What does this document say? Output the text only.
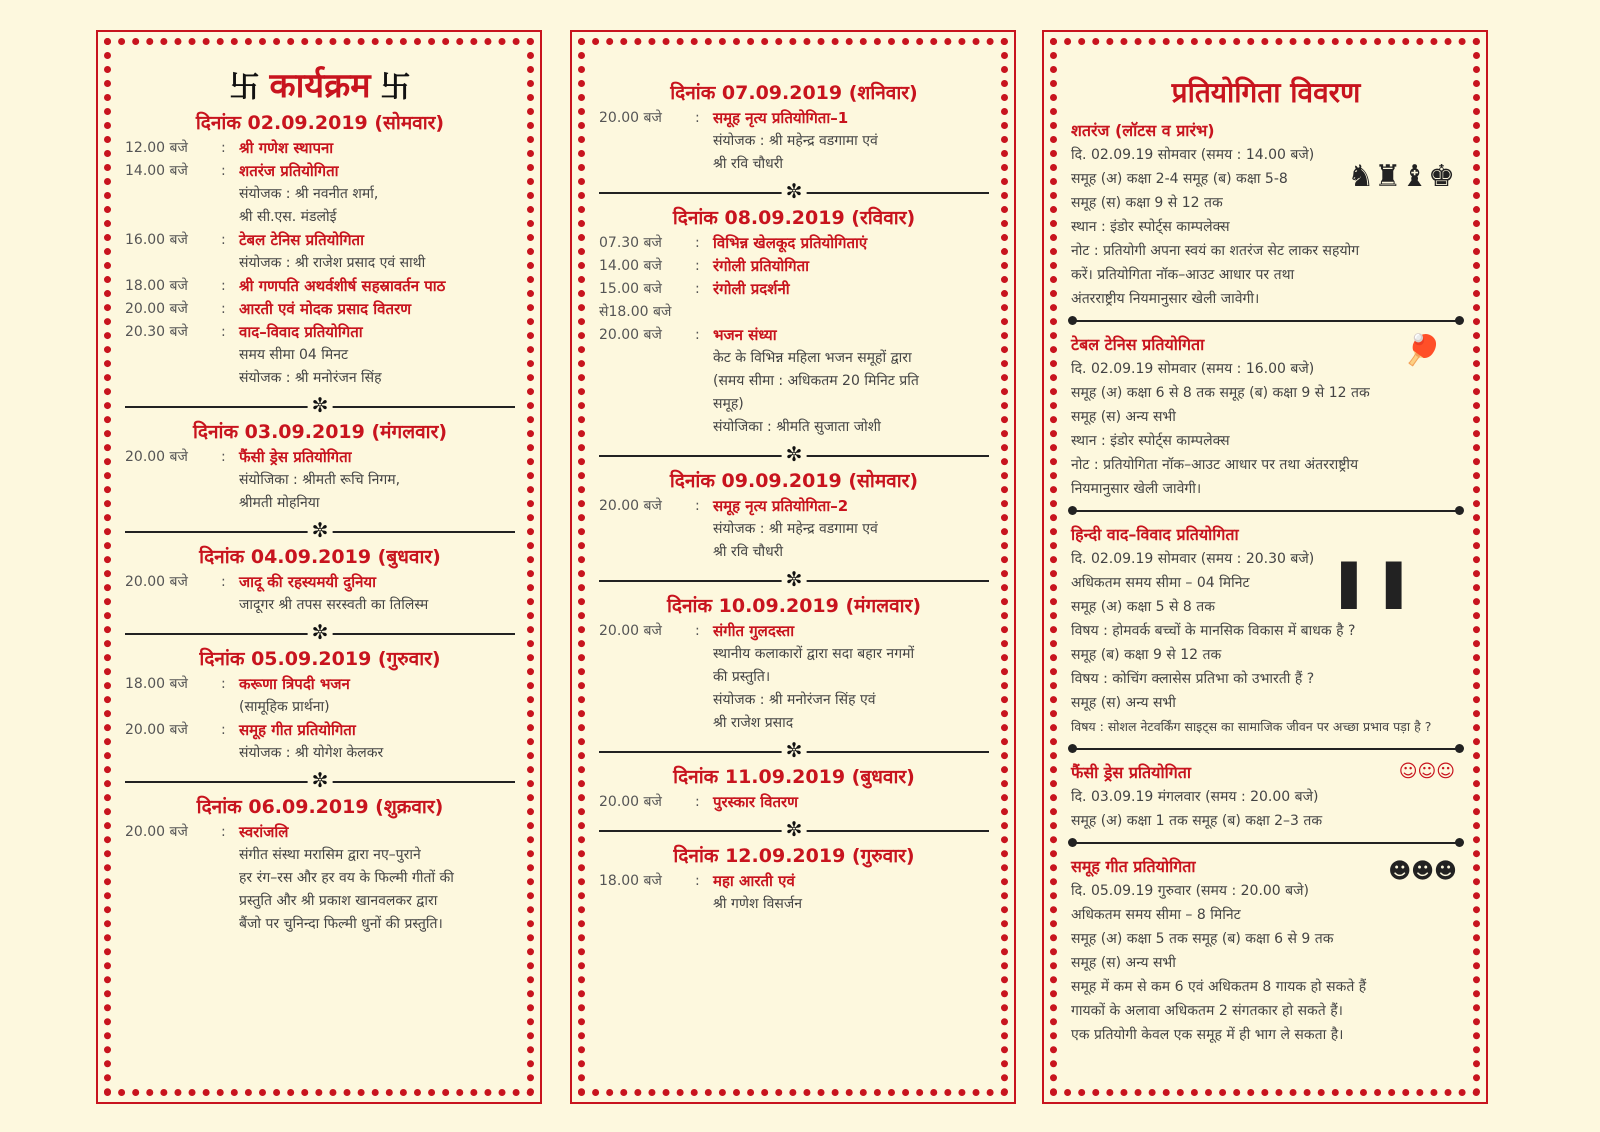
卐 कार्यक्रम 卐
दिनांक 02.09.2019 (सोमवार)
12.00 बजे	: श्री गणेश स्थापना
14.00 बजे	: शतरंज प्रतियोगिता
संयोजक : श्री नवनीत शर्मा,
श्री सी.एस. मंडलोई
16.00 बजे	: टेबल टेनिस प्रतियोगिता
संयोजक : श्री राजेश प्रसाद एवं साथी
18.00 बजे	: श्री गणपति अथर्वशीर्ष सहस्रावर्तन पाठ
20.00 बजे	: आरती एवं मोदक प्रसाद वितरण
20.30 बजे	: वाद–विवाद प्रतियोगिता
समय सीमा 04 मिनट
संयोजक : श्री मनोरंजन सिंह
✼
दिनांक 03.09.2019 (मंगलवार)
20.00 बजे	: फैंसी ड्रेस प्रतियोगिता
संयोजिका : श्रीमती रूचि निगम,
श्रीमती मोहनिया
✼
दिनांक 04.09.2019 (बुधवार)
20.00 बजे	: जादू की रहस्यमयी दुनिया
जादूगर श्री तपस सरस्वती का तिलिस्म
✼
दिनांक 05.09.2019 (गुरुवार)
18.00 बजे	: करूणा त्रिपदी भजन
(सामूहिक प्रार्थना)
20.00 बजे	: समूह गीत प्रतियोगिता
संयोजक : श्री योगेश केलकर
✼
दिनांक 06.09.2019 (शुक्रवार)
20.00 बजे	: स्वरांजलि
संगीत संस्था मरासिम द्वारा नए–पुराने
हर रंग–रस और हर वय के फिल्मी गीतों की
प्रस्तुति और श्री प्रकाश खानवलकर द्वारा
बैंजो पर चुनिन्दा फिल्मी धुनों की प्रस्तुति।
दिनांक 07.09.2019 (शनिवार)
20.00 बजे	: समूह नृत्य प्रतियोगिता–1
संयोजक : श्री महेन्द्र वडगामा एवं
श्री रवि चौधरी
✼
दिनांक 08.09.2019 (रविवार)
07.30 बजे	: विभिन्न खेलकूद प्रतियोगिताएं
14.00 बजे	: रंगोली प्रतियोगिता
15.00 बजे	: रंगोली प्रदर्शनी
से18.00 बजे
20.00 बजे	: भजन संध्या
केट के विभिन्न महिला भजन समूहों द्वारा
(समय सीमा : अधिकतम 20 मिनिट प्रति
समूह)
संयोजिका : श्रीमति सुजाता जोशी
✼
दिनांक 09.09.2019 (सोमवार)
20.00 बजे	: समूह नृत्य प्रतियोगिता–2
संयोजक : श्री महेन्द्र वडगामा एवं
श्री रवि चौधरी
✼
दिनांक 10.09.2019 (मंगलवार)
20.00 बजे	: संगीत गुलदस्ता
स्थानीय कलाकारों द्वारा सदा बहार नगमों
की प्रस्तुति।
संयोजक : श्री मनोरंजन सिंह एवं
श्री राजेश प्रसाद
✼
दिनांक 11.09.2019 (बुधवार)
20.00 बजे	: पुरस्कार वितरण
✼
दिनांक 12.09.2019 (गुरुवार)
18.00 बजे	: महा आरती एवं
श्री गणेश विसर्जन
प्रतियोगिता विवरण
शतरंज (लॉटस व प्रारंभ)
दि. 02.09.19 सोमवार (समय : 14.00 बजे)
समूह (अ) कक्षा 2-4 समूह (ब) कक्षा 5-8
समूह (स) कक्षा 9 से 12 तक
स्थान : इंडोर स्पोर्ट्स काम्पलेक्स
नोट : प्रतियोगी अपना स्वयं का शतरंज सेट लाकर सहयोग
करें। प्रतियोगिता नॉक–आउट आधार पर तथा
अंतरराष्ट्रीय नियमानुसार खेली जावेगी।
♞♜♝♚
टेबल टेनिस प्रतियोगिता
दि. 02.09.19 सोमवार (समय : 16.00 बजे)
समूह (अ) कक्षा 6 से 8 तक समूह (ब) कक्षा 9 से 12 तक
समूह (स) अन्य सभी
स्थान : इंडोर स्पोर्ट्स काम्पलेक्स
नोट : प्रतियोगिता नॉक–आउट आधार पर तथा अंतरराष्ट्रीय
नियमानुसार खेली जावेगी।
🏓
हिन्दी वाद–विवाद प्रतियोगिता
दि. 02.09.19 सोमवार (समय : 20.30 बजे)
अधिकतम समय सीमा – 04 मिनिट
समूह (अ) कक्षा 5 से 8 तक
विषय : होमवर्क बच्चों के मानसिक विकास में बाधक है ?
समूह (ब) कक्षा 9 से 12 तक
विषय : कोचिंग क्लासेस प्रतिभा को उभारती हैं ?
समूह (स) अन्य सभी
विषय : सोशल नेटवर्किंग साइट्स का सामाजिक जीवन पर अच्छा प्रभाव पड़ा है ?
▌▌
फैंसी ड्रेस प्रतियोगिता
दि. 03.09.19 मंगलवार (समय : 20.00 बजे)
समूह (अ) कक्षा 1 तक समूह (ब) कक्षा 2–3 तक
☺☺☺
समूह गीत प्रतियोगिता
दि. 05.09.19 गुरुवार (समय : 20.00 बजे)
अधिकतम समय सीमा – 8 मिनिट
समूह (अ) कक्षा 5 तक समूह (ब) कक्षा 6 से 9 तक
समूह (स) अन्य सभी
समूह में कम से कम 6 एवं अधिकतम 8 गायक हो सकते हैं
गायकों के अलावा अधिकतम 2 संगतकार हो सकते हैं।
एक प्रतियोगी केवल एक समूह में ही भाग ले सकता है।
☻☻☻
